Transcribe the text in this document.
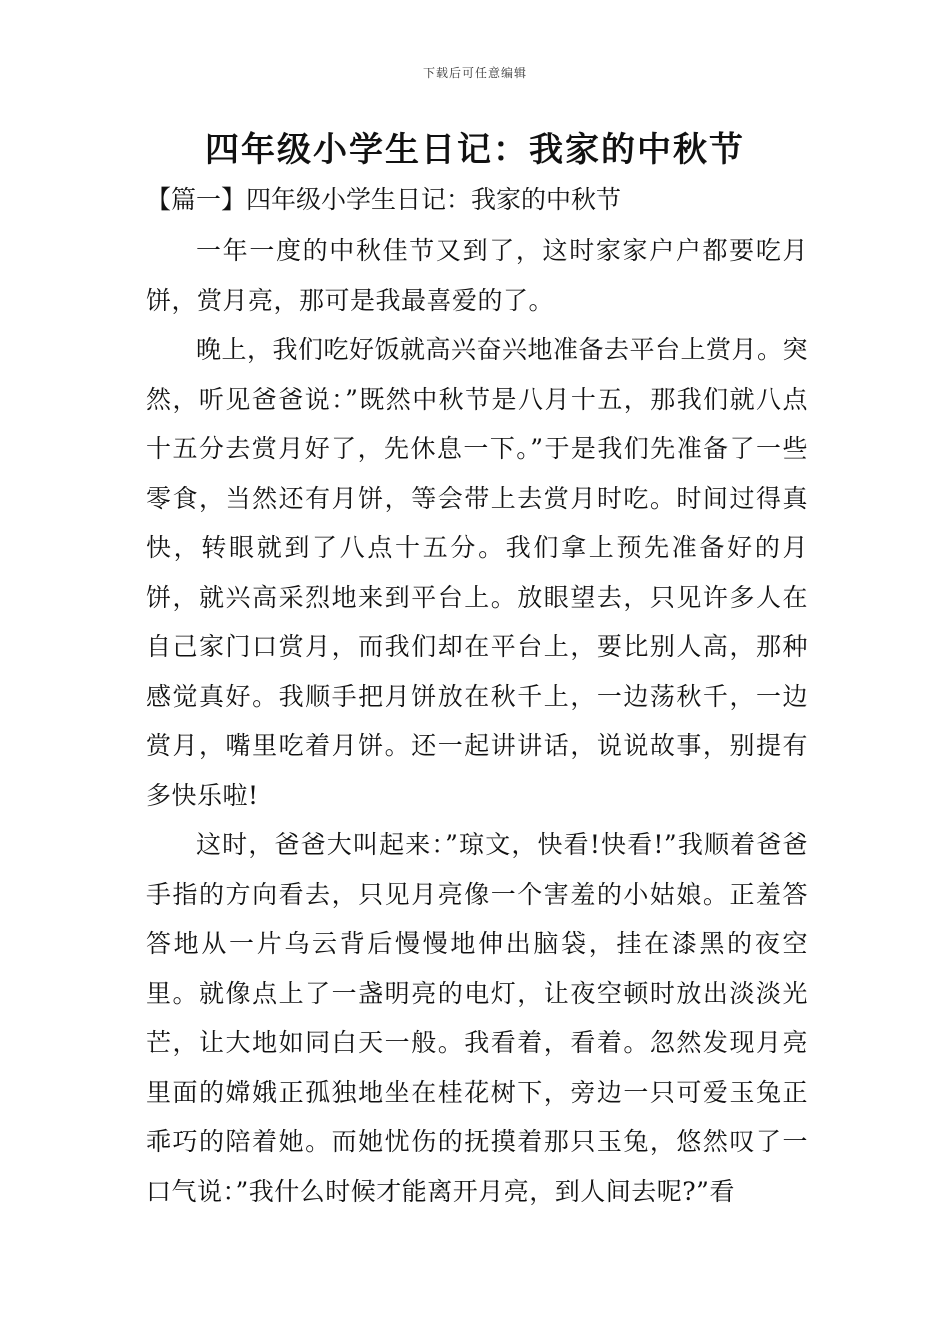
下载后可任意编辑
四年级小学生日记：我家的中秋节
【篇一】四年级小学生日记：我家的中秋节

一年一度的中秋佳节又到了，这时家家户户都要吃月饼，赏月亮，那可是我最喜爱的了。

晚上，我们吃好饭就高兴奋兴地准备去平台上赏月。突然，听见爸爸说：”既然中秋节是八月十五，那我们就八点十五分去赏月好了，先休息一下。”于是我们先准备了一些零食，当然还有月饼，等会带上去赏月时吃。时间过得真快，转眼就到了八点十五分。我们拿上预先准备好的月饼，就兴高采烈地来到平台上。放眼望去，只见许多人在自己家门口赏月，而我们却在平台上，要比别人高，那种感觉真好。我顺手把月饼放在秋千上，一边荡秋千，一边赏月，嘴里吃着月饼。还一起讲讲话，说说故事，别提有多快乐啦!

这时，爸爸大叫起来：”琼文，快看!快看!”我顺着爸爸手指的方向看去，只见月亮像一个害羞的小姑娘。正羞答答地从一片乌云背后慢慢地伸出脑袋，挂在漆黑的夜空里。就像点上了一盏明亮的电灯，让夜空顿时放出淡淡光芒，让大地如同白天一般。我看着，看着。忽然发现月亮里面的嫦娥正孤独地坐在桂花树下，旁边一只可爱玉兔正乖巧的陪着她。而她忧伤的抚摸着那只玉兔，悠然叹了一口气说：”我什么时候才能离开月亮，到人间去呢?”看
